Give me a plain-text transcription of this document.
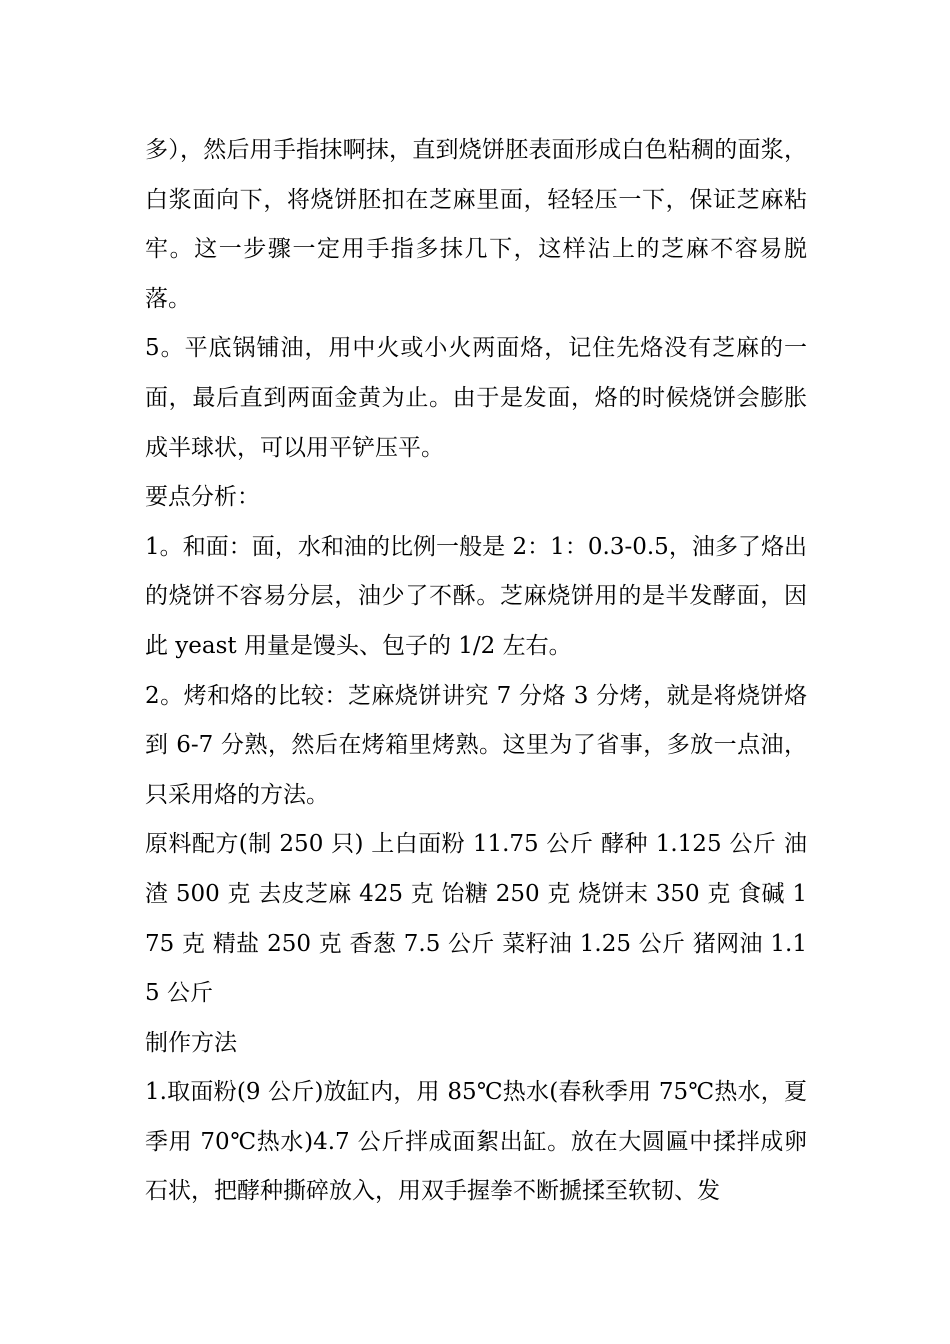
多），然后用手指抹啊抹，直到烧饼胚表面形成白色粘稠的面浆，白浆面向下，将烧饼胚扣在芝麻里面，轻轻压一下，保证芝麻粘牢。这一步骤一定用手指多抹几下，这样沾上的芝麻不容易脱落。

5。平底锅铺油，用中火或小火两面烙，记住先烙没有芝麻的一面，最后直到两面金黄为止。由于是发面，烙的时候烧饼会膨胀成半球状，可以用平铲压平。

要点分析：

1。和面：面，水和油的比例一般是 2：1：0.3-0.5，油多了烙出的烧饼不容易分层，油少了不酥。芝麻烧饼用的是半发酵面，因此 yeast 用量是馒头、包子的 1/2 左右。

2。烤和烙的比较：芝麻烧饼讲究 7 分烙 3 分烤，就是将烧饼烙到 6-7 分熟，然后在烤箱里烤熟。这里为了省事，多放一点油，只采用烙的方法。

原料配方(制 250 只) 上白面粉 11.75 公斤 酵种 1.125 公斤 油渣 500 克 去皮芝麻 425 克 饴糖 250 克 烧饼末 350 克 食碱 175 克 精盐 250 克 香葱 7.5 公斤 菜籽油 1.25 公斤 猪网油 1.15 公斤

制作方法

1.取面粉(9 公斤)放缸内，用 85℃热水(春秋季用 75℃热水，夏季用 70℃热水)4.7 公斤拌成面絮出缸。放在大圆匾中揉拌成卵石状，把酵种撕碎放入，用双手握拳不断搋揉至软韧、发
